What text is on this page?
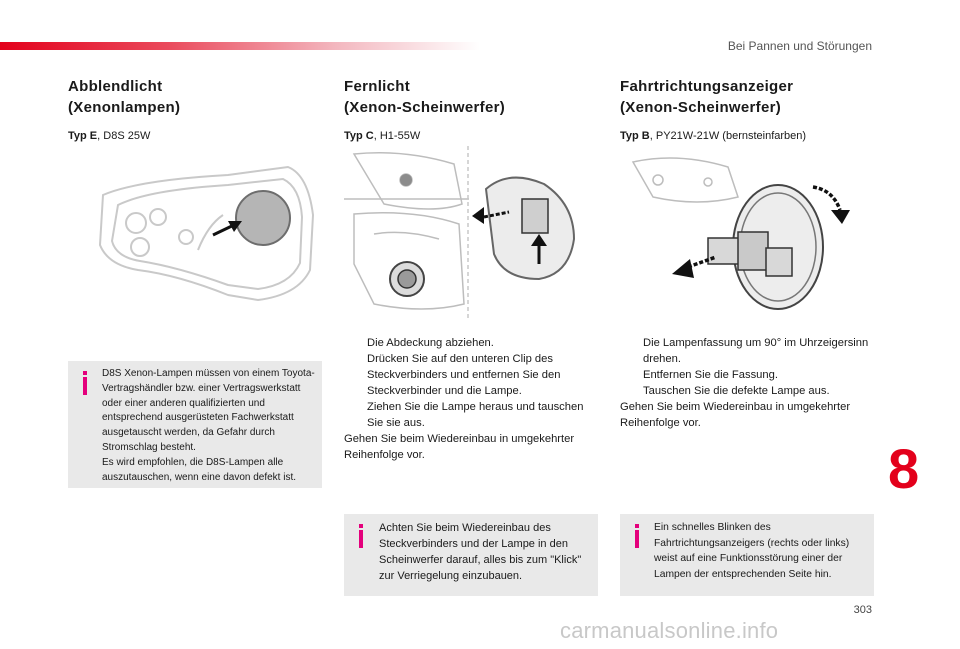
Bei Pannen und Störungen
Abblendlicht
(Xenonlampen)
Typ E, D8S 25W
D8S Xenon-Lampen müssen von einem Toyota-Vertragshändler bzw. einer Vertragswerkstatt oder einer anderen qualifizierten und entsprechend ausgerüsteten Fachwerkstatt ausgetauscht werden, da Gefahr durch Stromschlag besteht.
Es wird empfohlen, die D8S-Lampen alle auszutauschen, wenn eine davon defekt ist.
Fernlicht
(Xenon-Scheinwerfer)
Typ C, H1-55W
Die Abdeckung abziehen.
Drücken Sie auf den unteren Clip des Steckverbinders und entfernen Sie den Steckverbinder und die Lampe.
Ziehen Sie die Lampe heraus und tauschen Sie sie aus.
Gehen Sie beim Wiedereinbau in umgekehrter Reihenfolge vor.
Achten Sie beim Wiedereinbau des Steckverbinders und der Lampe in den Scheinwerfer darauf, alles bis zum "Klick" zur Verriegelung einzubauen.
Fahrtrichtungsanzeiger
(Xenon-Scheinwerfer)
Typ B, PY21W-21W (bernsteinfarben)
Die Lampenfassung um 90° im Uhrzeigersinn drehen.
Entfernen Sie die Fassung.
Tauschen Sie die defekte Lampe aus.
Gehen Sie beim Wiedereinbau in umgekehrter Reihenfolge vor.
Ein schnelles Blinken des Fahrtrichtungsanzeigers (rechts oder links) weist auf eine Funktionsstörung einer der Lampen der entsprechenden Seite hin.
8
303
carmanualsonline.info
